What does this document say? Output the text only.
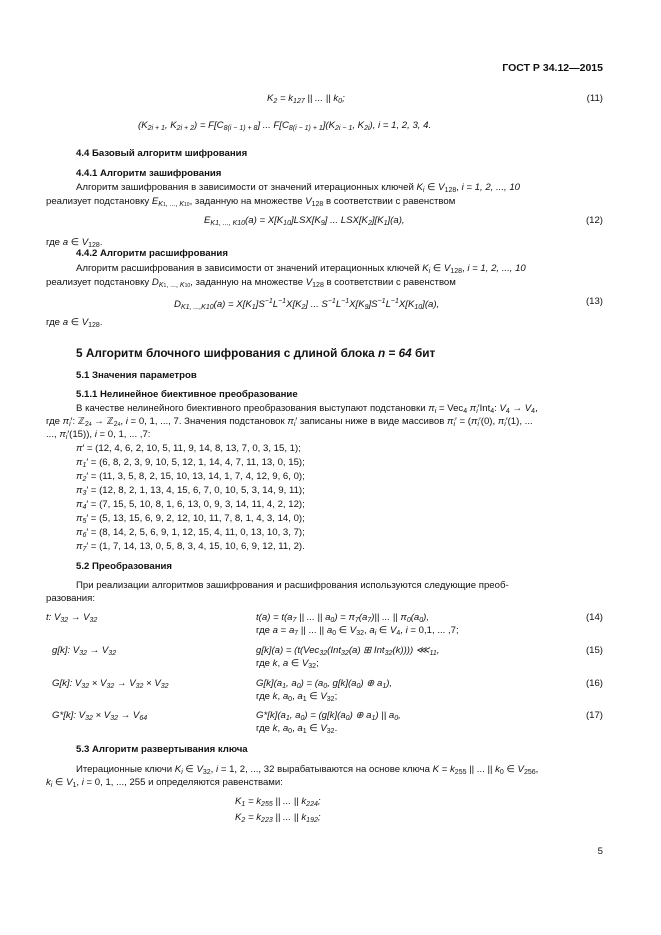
ГОСТ Р 34.12—2015
$K_2 = k_{127}$ || ... || $k_0$;	(11)
($K_{2i + 1}$, $K_{2i + 2}) = F[C_{8(i - 1) + 8}]$ ... $F[C_{8(i - 1) + 1}](K_{2i - 1}$, $K_{2i}$), i = 1, 2, 3, 4.
4.4 Базовый алгоритм шифрования
4.4.1 Алгоритм зашифрования
Алгоритм зашифрования в зависимости от значений итерационных ключей $K_i$ ∈ $V_{128}$, i = 1, 2, ..., 10
реализует подстановку $E_{K1, ..., K10}$, заданную на множестве $V_{128}$ в соответствии с равенством
$E_{K1, ..., K10}(a) = X[K_{10}]LSX[K_9]$ ... $LSX[K_2][K_1](a)$,	(12)
где a ∈ $V_{128}$.
4.4.2 Алгоритм расшифрования
Алгоритм расшифрования в зависимости от значений итерационных ключей $K_i$ ∈ $V_{128}$, i = 1, 2, ..., 10
реализует подстановку $D_{K1, ..., K10}$, заданную на множестве $V_{128}$ в соответствии с равенством
$D_{K1, ...,K10}(a) = X[K_1]S^{-1}L^{-1}X[K_2]$ ... $S^{-1}L^{-1}X[K_9]S^{-1}L^{-1}X[K_{10}](a)$,	(13)
где a ∈ $V_{128}$.
5 Алгоритм блочного шифрования с длиной блока n = 64 бит
5.1 Значения параметров
5.1.1 Нелинейное биективное преобразование
В качестве нелинейного биективного преобразования выступают подстановки $\pi_i = Vec_4$ $\pi_i'Int_4$: $V_4 \to V_4$,
где $\pi_i'$: ℤ$_{24}$ → ℤ$_{24}$, i = 0, 1, ..., 7. Значения подстановок $\pi_i'$ записаны ниже в виде массивов $\pi_i' = (\pi_i'(0)$, $\pi_i'(1)$, ...
..., $\pi_i'(15)$), i = 0, 1, ... ,7:
π′ = (12, 4, 6, 2, 10, 5, 11, 9, 14, 8, 13, 7, 0, 3, 15, 1);
$\pi_1' = (6$, 8, 2, 3, 9, 10, 5, 12, 1, 14, 4, 7, 11, 13, 0, 15);
$\pi_2' = (11$, 3, 5, 8, 2, 15, 10, 13, 14, 1, 7, 4, 12, 9, 6, 0);
$\pi_3' = (12$, 8, 2, 1, 13, 4, 15, 6, 7, 0, 10, 5, 3, 14, 9, 11);
$\pi_4' = (7$, 15, 5, 10, 8, 1, 6, 13, 0, 9, 3, 14, 11, 4, 2, 12);
$\pi_5' = (5$, 13, 15, 6, 9, 2, 12, 10, 11, 7, 8, 1, 4, 3, 14, 0);
$\pi_6' = (8$, 14, 2, 5, 6, 9, 1, 12, 15, 4, 11, 0, 13, 10, 3, 7);
$\pi_7' = (1$, 7, 14, 13, 0, 5, 8, 3, 4, 15, 10, 6, 9, 12, 11, 2).
5.2 Преобразования
При реализации алгоритмов зашифрования и расшифрования используются следующие преоб-
разования:
t: $V_{32} \to V_{32}$	$t(a) = t(a_7$ || ... || $a_0) = \pi_7(a_7)||$ ... || $\pi_0(a_0)$,
где $a = a_7$ || ... || $a_0$ ∈ $V_{32}$, $a_i$ ∈ $V_4$, i = 0,1, ... ,7;
(14)
g[k]: $V_{32} \to V_{32}$	g[k](a) = (t(Vec$_{32}$(Int$_{32}$(a) ⊞ Int$_{32}$(k)))) $⋘_{11}$,
где k, a ∈ $V_{32}$;
(15)
G[k]: $V_{32} \times V_{32} \to V_{32} \times V_{32}$	$G[k](a_1$, $a_0) = (a_0$, $g[k](a_0)$ ⊕ $a_1$),
где k, $a_0$, $a_1$ ∈ $V_{32}$;
(16)
G*[k]: $V_{32} \times V_{32} \to V_{64}$	$G*[k](a_1$, $a_0) = (g[k](a_0)$ ⊕ $a_1$) || $a_0$,
где k, $a_0$, $a_1$ ∈ $V_{32}$.
(17)
5.3 Алгоритм развертывания ключа
Итерационные ключи $K_i$ ∈ $V_{32}$, i = 1, 2, ..., 32 вырабатываются на основе ключа $K = k_{255}$ || ... || $k_0$ ∈ $V_{256}$,
$k_i$ ∈ $V_1$, i = 0, 1, ..., 255 и определяются равенствами:
$K_1 = k_{255}$ || ... || $k_{224}$;
$K_2 = k_{223}$ || ... || $k_{192}$;
5
